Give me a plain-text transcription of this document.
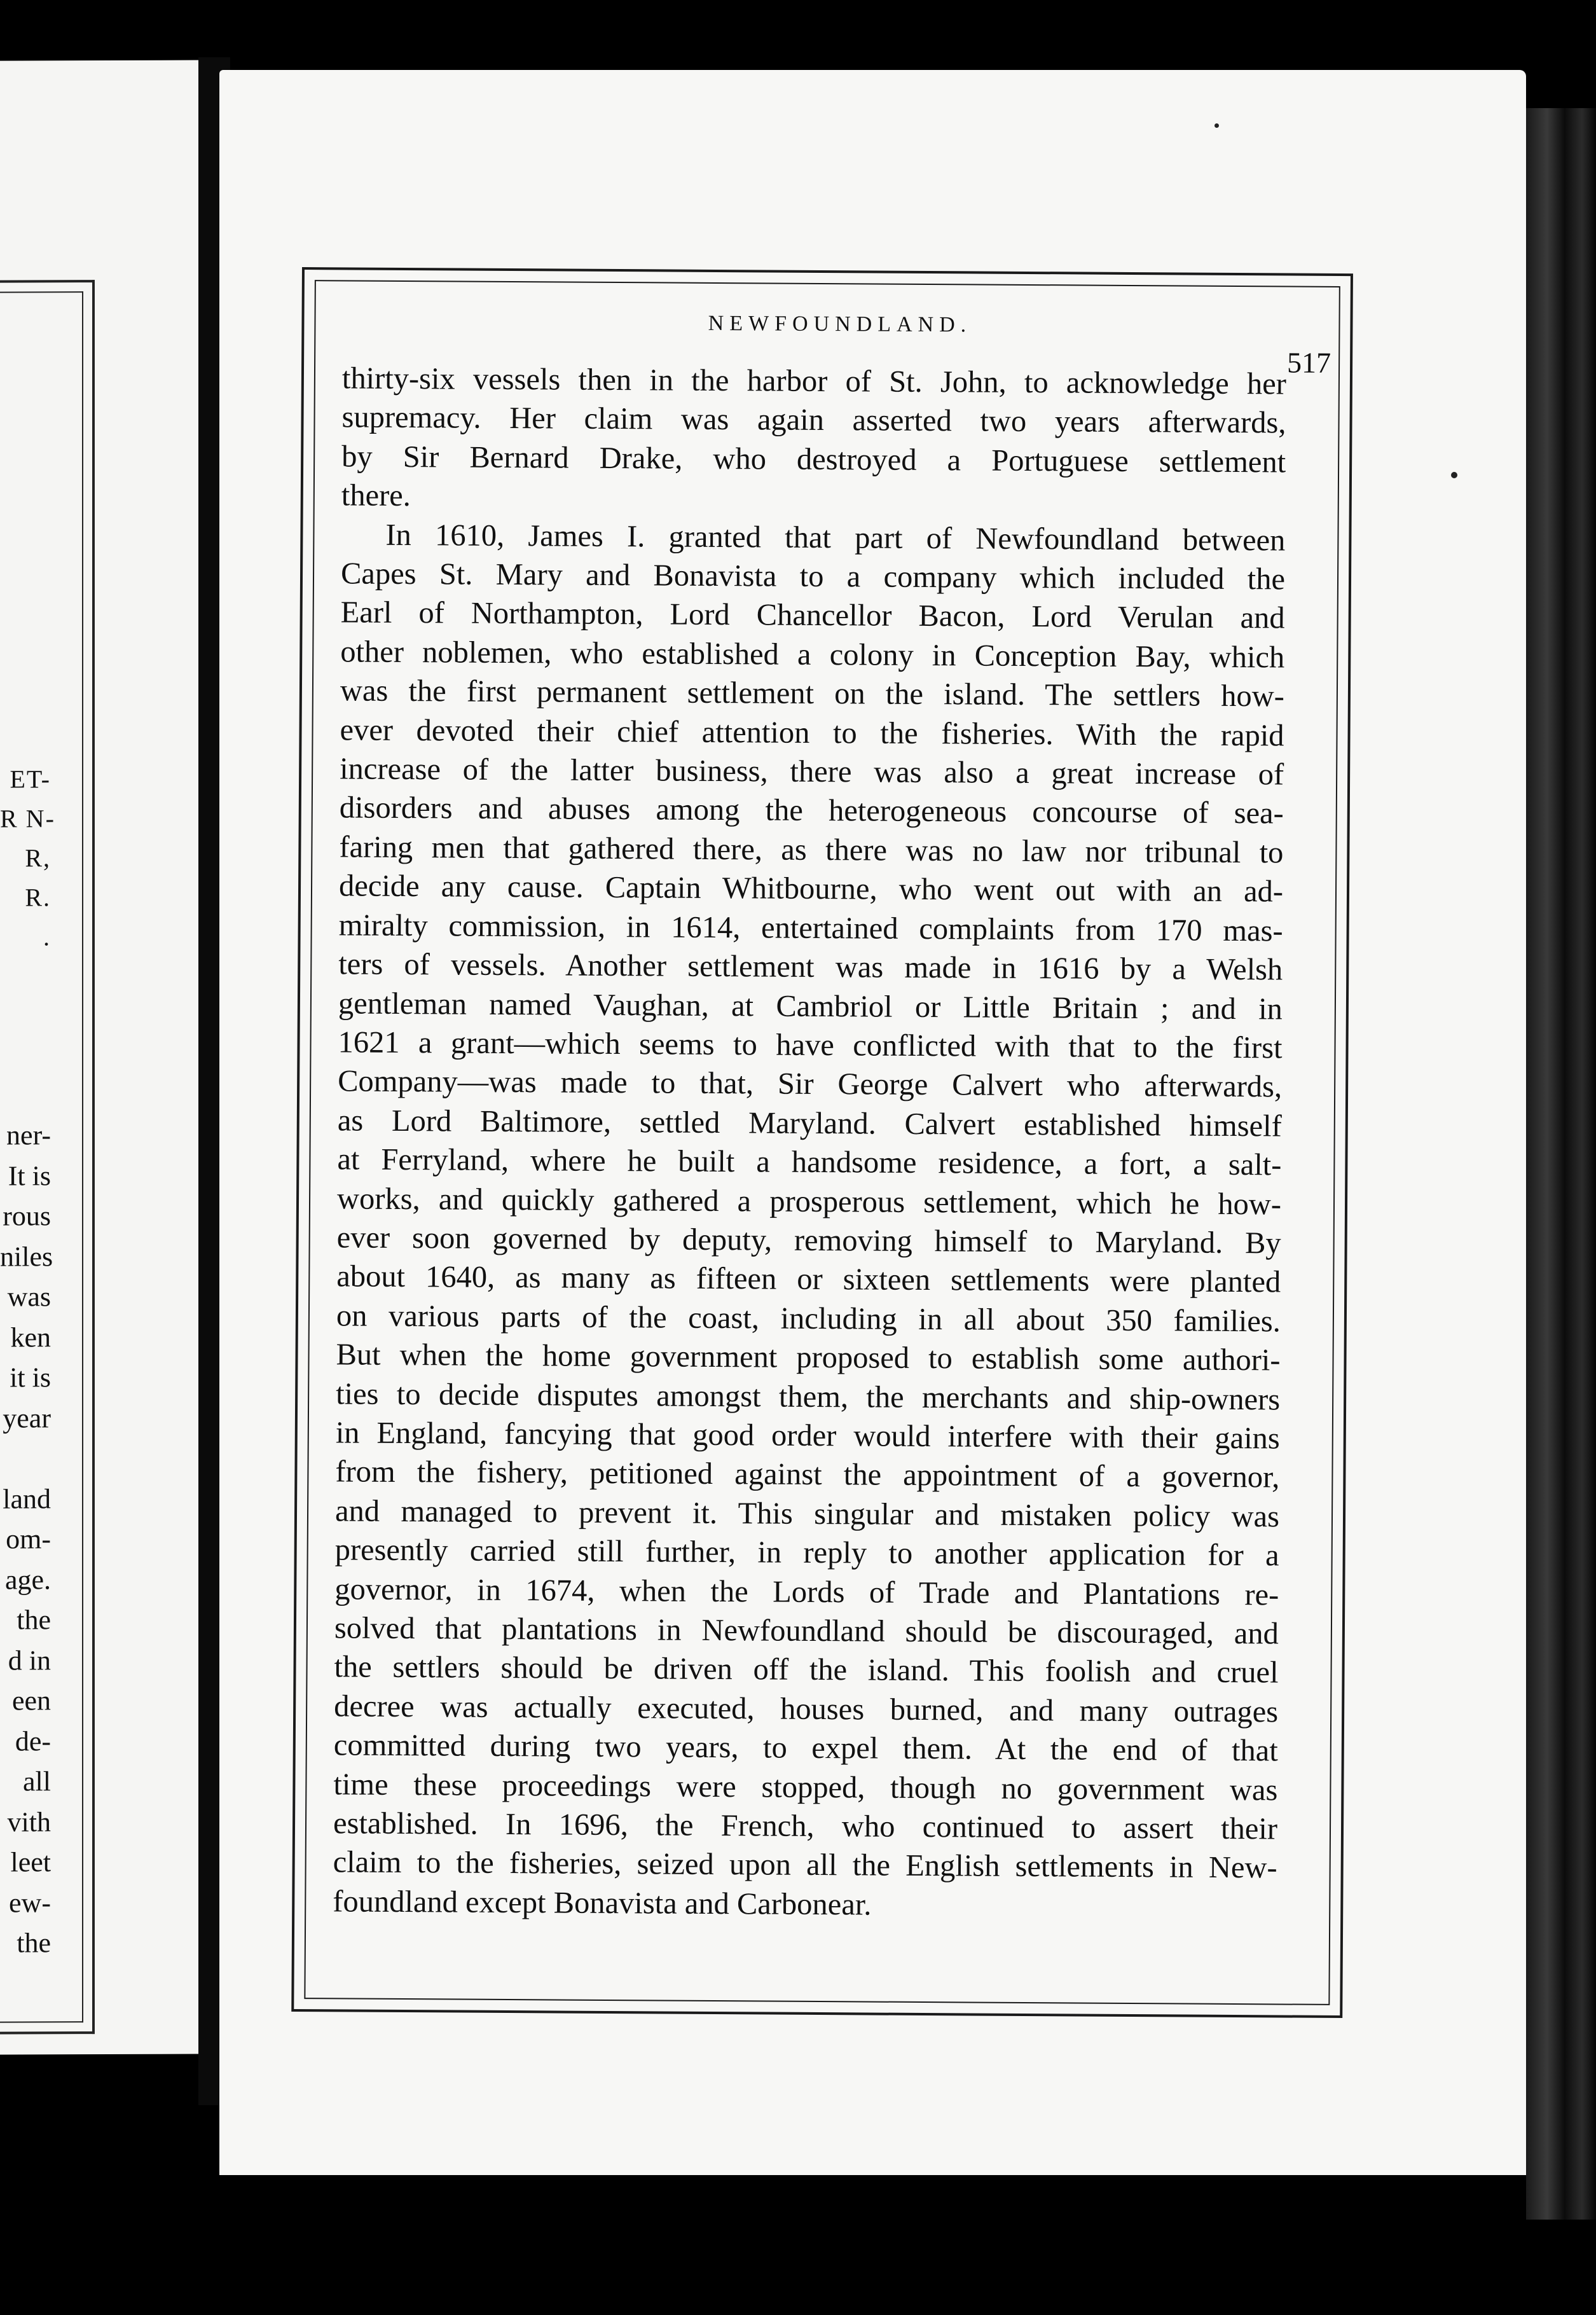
ET-
R N-
R,
R.
.
ner-
It is
rous
niles
was
ken
it is
year
land
om-
age.
the
d in
een
de-
all
vith
leet
ew-
the
NEWFOUNDLAND.
517

thirty-six vessels then in the harbor of St. John, to acknowledge her
supremacy. Her claim was again asserted two years afterwards,
by Sir Bernard Drake, who destroyed a Portuguese settlement
there.

In 1610, James I. granted that part of Newfoundland between
Capes St. Mary and Bonavista to a company which included the
Earl of Northampton, Lord Chancellor Bacon, Lord Verulan and
other noblemen, who established a colony in Conception Bay, which
was the first permanent settlement on the island. The settlers how-
ever devoted their chief attention to the fisheries. With the rapid
increase of the latter business, there was also a great increase of
disorders and abuses among the heterogeneous concourse of sea-
faring men that gathered there, as there was no law nor tribunal to
decide any cause. Captain Whitbourne, who went out with an ad-
miralty commission, in 1614, entertained complaints from 170 mas-
ters of vessels. Another settlement was made in 1616 by a Welsh
gentleman named Vaughan, at Cambriol or Little Britain ; and in
1621 a grant—which seems to have conflicted with that to the first
Company—was made to that, Sir George Calvert who afterwards,
as Lord Baltimore, settled Maryland. Calvert established himself
at Ferryland, where he built a handsome residence, a fort, a salt-
works, and quickly gathered a prosperous settlement, which he how-
ever soon governed by deputy, removing himself to Maryland. By
about 1640, as many as fifteen or sixteen settlements were planted
on various parts of the coast, including in all about 350 families.
But when the home government proposed to establish some authori-
ties to decide disputes amongst them, the merchants and ship-owners
in England, fancying that good order would interfere with their gains
from the fishery, petitioned against the appointment of a governor,
and managed to prevent it. This singular and mistaken policy was
presently carried still further, in reply to another application for a
governor, in 1674, when the Lords of Trade and Plantations re-
solved that plantations in Newfoundland should be discouraged, and
the settlers should be driven off the island. This foolish and cruel
decree was actually executed, houses burned, and many outrages
committed during two years, to expel them. At the end of that
time these proceedings were stopped, though no government was
established. In 1696, the French, who continued to assert their
claim to the fisheries, seized upon all the English settlements in New-
foundland except Bonavista and Carbonear.
